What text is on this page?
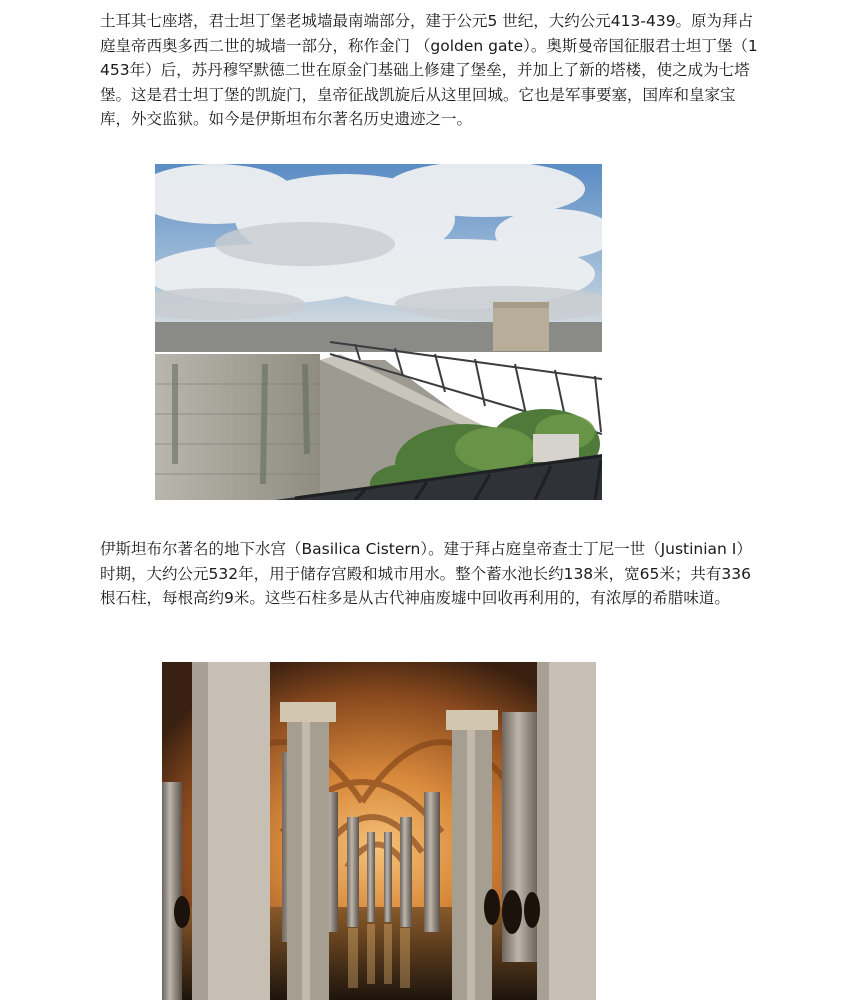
土耳其七座塔，君士坦丁堡老城墙最南端部分，建于公元5 世纪，大约公元413-439。原为拜占庭皇帝西奥多西二世的城墙一部分，称作金门 （golden gate）。奥斯曼帝国征服君士坦丁堡（1453年）后，苏丹穆罕默德二世在原金门基础上修建了堡垒，并加上了新的塔楼，使之成为七塔堡。这是君士坦丁堡的凯旋门，皇帝征战凯旋后从这里回城。它也是军事要塞，国库和皇家宝库，外交监狱。如今是伊斯坦布尔著名历史遗迹之一。

伊斯坦布尔著名的地下水宫（Basilica Cistern）。建于拜占庭皇帝查士丁尼一世（Justinian I）时期，大约公元532年，用于储存宫殿和城市用水。整个蓄水池长约138米，宽65米；共有336根石柱，每根高约9米。这些石柱多是从古代神庙废墟中回收再利用的，有浓厚的希腊味道。
